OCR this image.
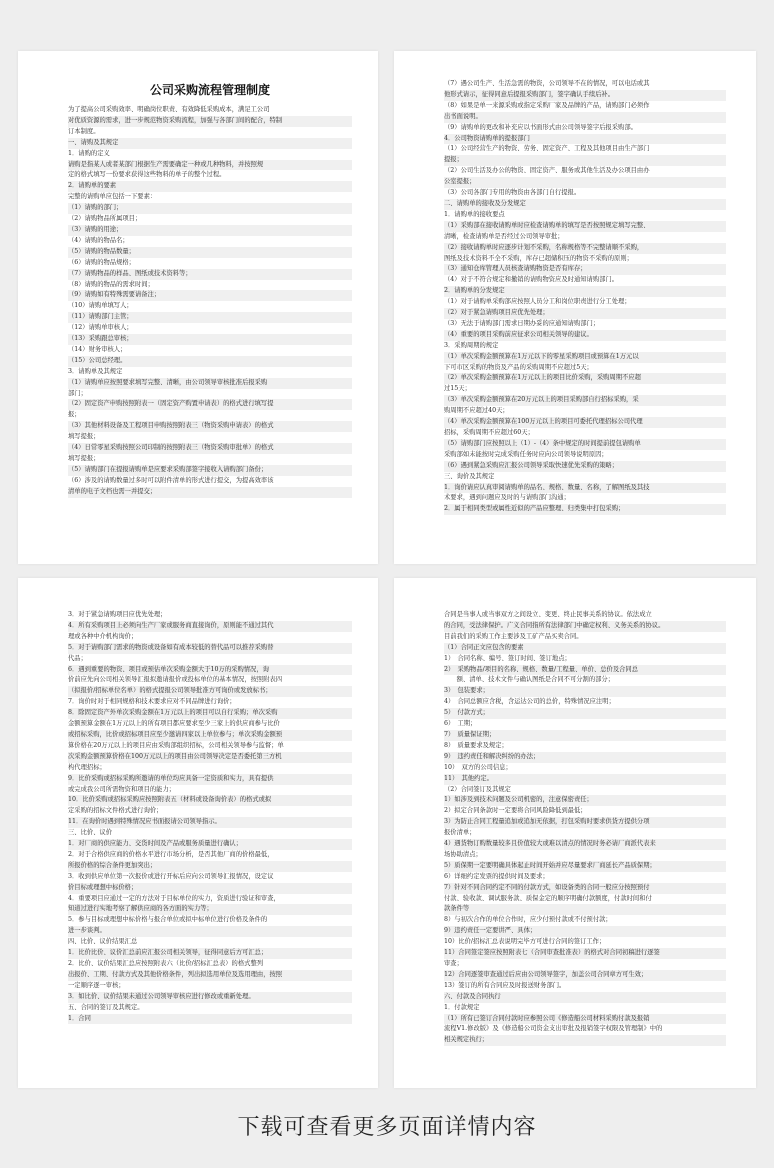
公司采购流程管理制度
为了提高公司采购效率、明确岗位职责、有效降低采购成本，满足工公司
对优质资源的需求，进一步规范物资采购流程，加强与各部门间的配合，特制
订本制度。
一、请购及其规定
1．请购的定义
请购是指某人或者某部门根据生产需要确定一种或几种物料，并按照规
定的格式填写一份要求获得这些物料的单子的整个过程。
2．请购单的要素
完整的请购单应包括一下要素：
（1）请购的部门；
（2）请购物品所属项目；
（3）请购的用途；
（4）请购的物品名；
（5）请购的物品数量；
（6）请购的物品规格；
（7）请购物品的样品、图纸或技术资料等；
（8）请购的物品的需求时间；
（9）请购如有特殊需要请备注；
（10）请购单填写人；
（11）请购部门主管；
（12）请购单审核人；
（13）采购跟总审核；
（14）财务审核人；
（15）公司总经理。
3．请购单及其规定
（1）请购单应按照要求填写完整、清晰，由公司领导审核批准后报采购
部门；
（2）固定资产申购按照附表一（固定资产购置申请表）的格式进行填写提
报；
（3）其他材料设备及工程项目申购按照附表三（物资采购申请表）的格式
填写提报；
（4）日常零星采购按照公司印制的按照附表三（物资采购审批单）的格式
填写提报；
（5）请购部门在提报请购单是应要求采购部签字接收入请购部门备份；
（6）涉及的请购数量过多时可以附件清单的形式进行提交，为提高效率该
清单的电子文档也需一并提交；
（7）遇公司生产、生活急需的物资，公司领导不在的情况，可以电话或其
他形式请示，征得同意后提报采购部门，签字确认手续后补。
（8）如果是单一来源采购或指定采购厂家及品牌的产品，请购部门必须作
出书面说明。
（9）请购单的更改和补充应以书面形式由公司领导签字后报采购部。
4．公司物资请购单的提报部门
（1）公司经营生产的物资、劳务、固定资产、工程及其他项目由生产部门
提报；
（2）公司生活及办公的物资、固定资产、服务或其他生活及办公项目由办
公室提报；
（3）公司各部门专用的物资由各部门自行提报。
二、请购单的接收及分发规定
1．请购单的接收要点
（1）采购部在接收请购单时应检查请购单的填写是否按照规定填写完整、
清晰，检查请购单是否经过公司领导审批；
（2）接收请购单时应逐步计划不采购，名称规格等不完整请顺不采购，
图纸及技术资料不全不采购，库存已超储积压的物资不采购的原则；
（3）通知仓库管理人员核查请购物资是否有库存；
（4）对于不符合规定和撤销的请购物资应及时通知请购部门。
2．请购单的分发规定
（1）对于请购单采购部应按照人员分工和岗位职责进行分工处理；
（2）对于紧急请购项目应优先处理；
（3）无法于请购部门需求日期办妥的应通知请购部门；
（4）重要的项目采购前应征求公司相关领导的建议。
3．采购周期的规定
（1）单次采购金额预算在1万元以下的零星采购项目或预算在1万元以
下可市区采购的物资及产品的采购周期不应超过5天；
（2）单次采购金额预算在1万元以上的项目比价采购，采购周期不应超
过15天；
（3）单次采购金额预算在20万元以上的项目采购部自行招标采购，采
购周期不应超过40天；
（4）单次采购金额预算在100万元以上的项目可委托代理招标公司代理
招标，采购周期不应超过60天；
（5）请购部门应按照以上（1）-（4）条中规定的时间提前提包请购单
采购部如未能按时完成采购任务时应向公司领导说明原因；
（6）遇到紧急采购应汇报公司领导采取快速优先采购的策略；
三、询价及其规定
1．询价请应认真审阅请购单的品名、规格、数量、名称，了解图纸及其技
术要求，遇到问题应及时的与请购部门沟通；
2．属于相同类型或属性近似的产品应整理、归类集中打包采购；
3．对于紧急请购项目应优先处理；
4．所有采购项目上必须向生产厂家或服务商直接询价，原则能不通过其代
理或各种中介机构询价；
5．对于请购部门需求的物资或设备如有成本较低的替代品可以推荐采购替
代品；
6．遇到重要的物资、项目或预估单次采购金额大于10万的采购情况，询
价前应先向公司相关领导汇报拟邀请报价或投标单位的基本情况，按照附表四
（拟报价/招标单位名单）的格式提报公司领导批准方可询价或发放标书；
7．询价时对于相同规格和技术要求应对不同品牌进行询价；
8．除固定资产外单次采购金额在1万元以上的项目可以自行采购；单次采购
金额预算金额在1万元以上的所有项目都应要求至少三家上的供应商参与比价
或招标采购，比价或招标项目应至少邀请四家以上单位参与；单次采购金额预
算价格在20万元以上的项目应由采购部组织招标，公司相关领导参与监督；单
次采购金额预算价格在100万元以上的项目由公司领导决定是否委托第三方机
构代理招标；
9．比价采购或招标采购所邀请的单位均应具备一定资质和实力，具有提供
或完成我公司所需物资和项目的能力；
10．比价采购或招标采购应按照附表五（材料或设备询价表）的格式或拟
定采购的招标文件格式进行询价；
11．在询价时遇到特殊情况应书面报请公司领导指示。
三、比价、议价
1．对厂商的供应能力、交货时间及产品或服务质量进行确认；
2．对于合格供应商的价格水平进行市场分析，是否其他厂商的价格最低，
所报价格的综合条件更加突出；
3．收到供应单位第一次报价或进行开标后应向公司领导汇报情况，设定议
价目标或理想中标价格；
4．重要项目应通过一定的方法对于目标单位的实力，资质进行验证和审查，
知道过进行实地考察了解供应商的各方面的实力等；
5．参与目标或理想中标价格与报合单位或拟中标单位进行价格及条件的
进一步谈判。
四、比价、议价结果汇总
1．比价比价、议价汇总前应汇报公司相关领导，征得同意后方可汇总；
2．比价、议价结果汇总应按照附表六（比价/招标汇总表）的格式整列
出报价、工期、付款方式及其他价格条件，列出拟选用单位及选用理由，按照
一定顺序逐一审核；
3．如比价、议价结果未通过公司领导审核应进行修改或重新处理。
五、合同的签订及其规定。
1．合同
合同是当事人或当事双方之间设立、变更、终止民事关系的协议。依法成立
的合同，受法律保护。广义合同指所有法律部门中确定权利、义务关系的协议。
目前我们的采购工作主要涉及工矿产品买卖合同。
（1）合同正文应包含的要素
1）　合同名称、编号、签订时间、签订地点；
2）　采购物品/项目的名称、规格、数量/工程量、单价、总价及合同总
　　额、清单、技术文件与确认图纸是合同不可分割的部分；
3）　包装要求；
4）　合同总额应含税，含运达公司的总价，特殊情况应注明；
5）　付款方式；
6）　工期；
7）　质量保证期；
8）　质量要求及规定；
9）　违约责任和解决纠纷的办法；
10）　双方的公司信息；
11）　其他约定。
（2）合同签订及其规定
1）如涉及到技术问题及公司机密的，注意保密责任；
2）拟定合同条款时一定要将合同风险降低到最低；
3）为防止合同工程量追加或追加无依据，打包采购时要求供货方提供分项
报价清单；
4）遇货物订购数量较多且价值较大或难以清点的情况时务必请厂商派代表来
场协助清点；
5）质保期一定要明确具体起止时间开始并应尽量要求厂商延长产品质保期；
6）详细约定发票的提供时间及要求；
7）针对不同合同约定不同的付款方式，如设备类的合同一般应分按照预付
付款、验收款、调试服务款、质保金定的顺序明确付款额度，付款时间和付
款条件等
8）与初次合作的单位合作时，应少付预付款或不付预付款；
9）违约责任一定要讲严、具体；
10）比价/招标汇总表说明完毕方可进行合同的签订工作；
11）合同签定签应按照附表七（合同审查批准表）的格式对合同初稿进行逐签
审查；
12）合同逐签审查通过后应由公司领导签字，加盖公司合同章方可生效；
13）签订的所有合同应及时报送财务部门。
六、付款及合同执行
1．付款规定
（1）所有已签订合同付款时应参照公司《修造船公司材料采购付款及报销
流程V1.修改版》及《修造船公司资金支出审批及报销签字权限及管理制》中的
相关规定执行；
下载可查看更多页面详情内容
